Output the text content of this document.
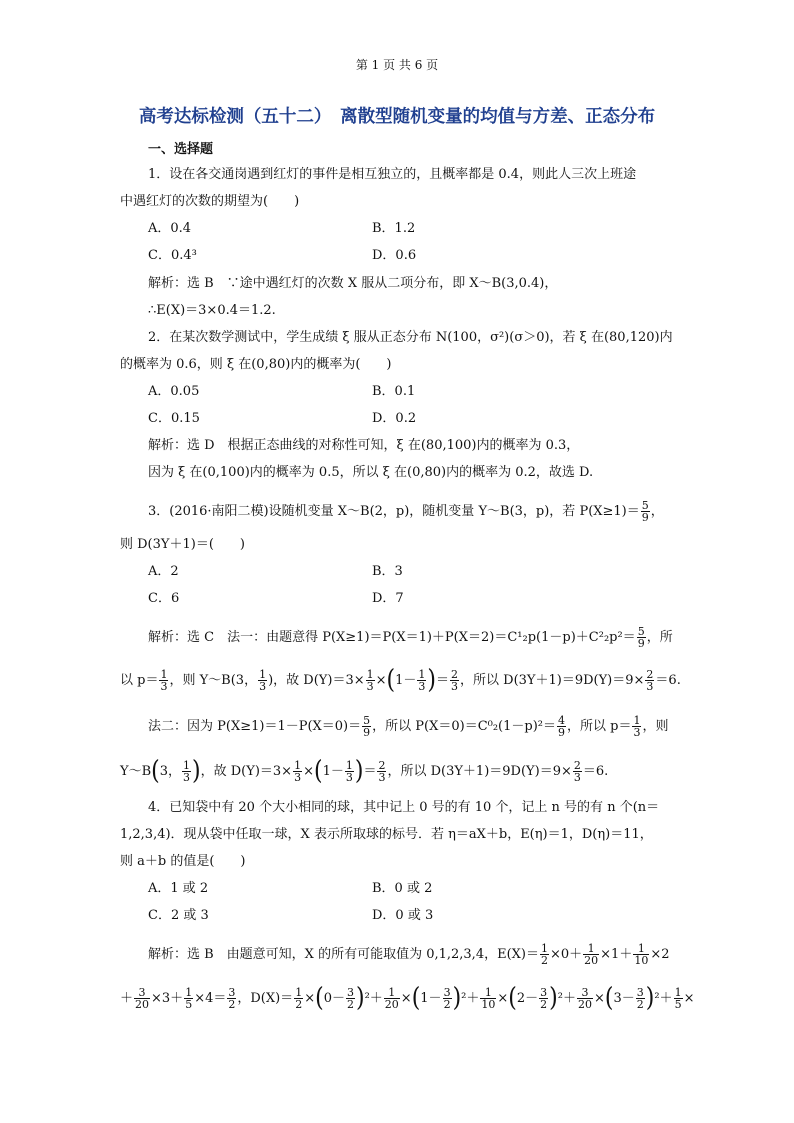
第 1 页 共 6 页
高考达标检测（五十二）　离散型随机变量的均值与方差、正态分布
一、选择题
1．设在各交通岗遇到红灯的事件是相互独立的，且概率都是 0.4，则此人三次上班途
中遇红灯的次数的期望为(　　)
A．0.4	B．1.2
C．0.4³	D．0.6
解析：选 B　∵途中遇红灯的次数 X 服从二项分布，即 X～B(3,0.4)，
∴E(X)＝3×0.4＝1.2.
2．在某次数学测试中，学生成绩 ξ 服从正态分布 N(100，σ²)(σ＞0)，若 ξ 在(80,120)内
的概率为 0.6，则 ξ 在(0,80)内的概率为(　　)
A．0.05	B．0.1
C．0.15	D．0.2
解析：选 D　根据正态曲线的对称性可知，ξ 在(80,100)内的概率为 0.3，
因为 ξ 在(0,100)内的概率为 0.5，所以 ξ 在(0,80)内的概率为 0.2，故选 D.
3．(2016·南阳二模)设随机变量 X～B(2，p)，随机变量 Y～B(3，p)，若 $P(X\ge 1)= \frac{5}{9}$ ，
则 D(3Y＋1)＝(　　)
A．2	B．3
C．6	D．7
解析：选 C　法一：由题意得 $P(X\ge 1)=P(X=1)+P(X=2)=C^1_2p(1-p)+C^2_2p^2= \frac{5}{9}$ ，所
以 $p= \frac{1}{3}$ ，则 Y～B(3， $\frac{1}{3}$ )，故 $D(Y)=3\times \frac{1}{3} \times(1- \frac{1}{3}$ )＝ $\frac{2}{3}$ ，所以 $D(3Y+1)=9D(Y)=9\times \frac{2}{3} =6$.
法二：因为 $P(X\ge 1)=1-P(X=0)= \frac{5}{9}$ ，所以 $P(X=0)=C^0_2(1-p)^2= \frac{4}{9}$ ，所以 $p= \frac{1}{3}$ ，则
Y～B(3， $\frac{1}{3}$ )，故 $D(Y)=3\times \frac{1}{3} \times(1- \frac{1}{3}$ )＝ $\frac{2}{3}$ ，所以 $D(3Y+1)=9D(Y)=9\times \frac{2}{3} =6$.
4．已知袋中有 20 个大小相同的球，其中记上 0 号的有 10 个，记上 n 号的有 n 个(n＝
1,2,3,4)．现从袋中任取一球，X 表示所取球的标号．若 η＝aX＋b，E(η)＝1，D(η)＝11，
则 a＋b 的值是(　　)
A．1 或 2	B．0 或 2
C．2 或 3	D．0 或 3
解析：选 B　由题意可知，X 的所有可能取值为 0,1,2,3,4，$E(X)= \frac{1}{2} \times 0+ \frac{1}{20} \times 1+ \frac{1}{10} \times 2$
＋ $\frac{3}{20} \times 3+ \frac{1}{5} \times 4= \frac{3}{2}$ ，$D(X)= \frac{1}{2} \times(0- \frac{3}{2} )^2+ \frac{1}{20} \times(1- \frac{3}{2} )^2+ \frac{1}{10} \times(2- \frac{3}{2} )^2+ \frac{3}{20} \times(3- \frac{3}{2} )^2+ \frac{1}{5}$ ×
